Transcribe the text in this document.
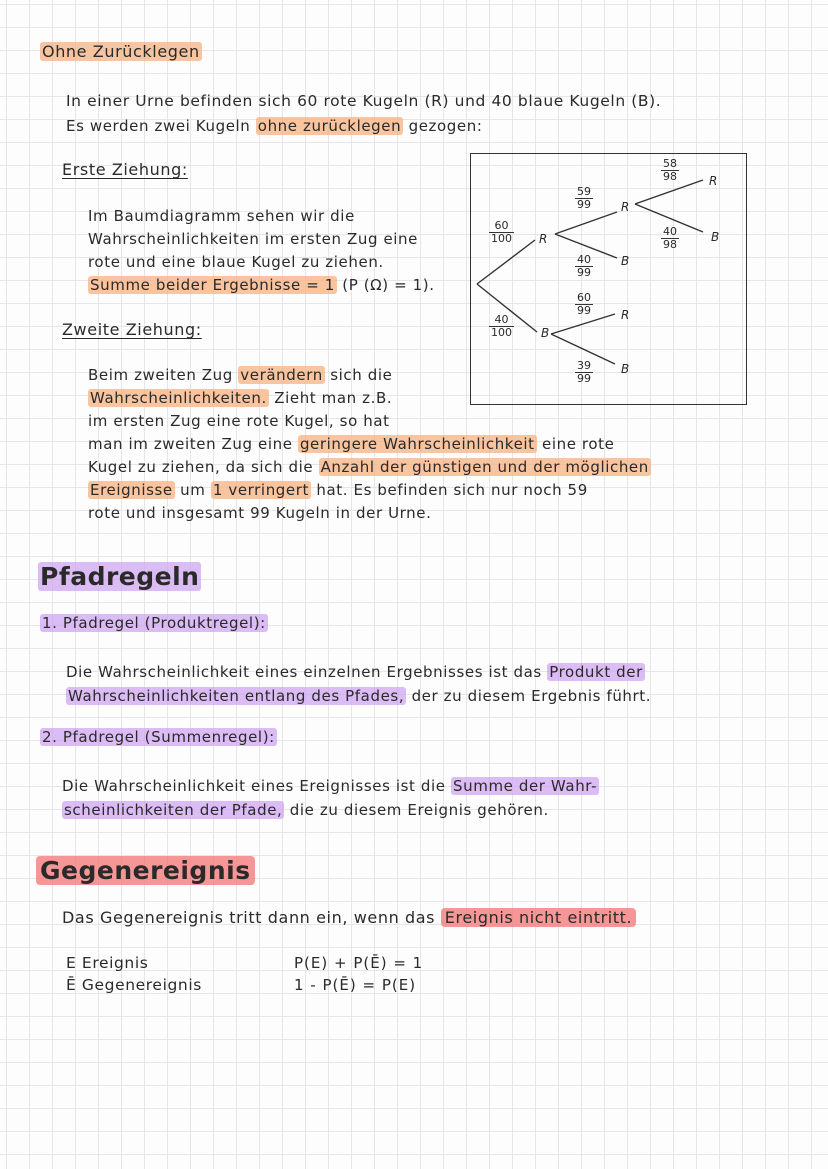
Ohne Zurücklegen
In einer Urne befinden sich 60 rote Kugeln (R) und 40 blaue Kugeln (B).
Es werden zwei Kugeln ohne zurücklegen gezogen:
Erste Ziehung:
Im Baumdiagramm sehen wir die
Wahrscheinlichkeiten im ersten Zug eine
rote und eine blaue Kugel zu ziehen.
Summe beider Ergebnisse = 1 (P (Ω) = 1).
Zweite Ziehung:
Beim zweiten Zug verändern sich die
Wahrscheinlichkeiten. Zieht man z.B.
im ersten Zug eine rote Kugel, so hat
man im zweiten Zug eine geringere Wahrscheinlichkeit eine rote
Kugel zu ziehen, da sich die Anzahl der günstigen und der möglichen
Ereignisse um 1 verringert hat. Es befinden sich nur noch 59
rote und insgesamt 99 Kugeln in der Urne.
$\frac{60}{100}$
$\frac{40}{100}$
R
B
$\frac{59}{99}$
$\frac{40}{99}$
R
B
$\frac{60}{99}$
$\frac{39}{99}$
R
B
$\frac{58}{98}$
$\frac{40}{98}$
R
B
Pfadregeln
1. Pfadregel (Produktregel):
Die Wahrscheinlichkeit eines einzelnen Ergebnisses ist das Produkt der
Wahrscheinlichkeiten entlang des Pfades, der zu diesem Ergebnis führt.
2. Pfadregel (Summenregel):
Die Wahrscheinlichkeit eines Ereignisses ist die Summe der Wahr-
scheinlichkeiten der Pfade, die zu diesem Ereignis gehören.
Gegenereignis
Das Gegenereignis tritt dann ein, wenn das Ereignis nicht eintritt.
E Ereignis
Ē Gegenereignis
P(E) + P(Ē) = 1
1 - P(Ē) = P(E)
